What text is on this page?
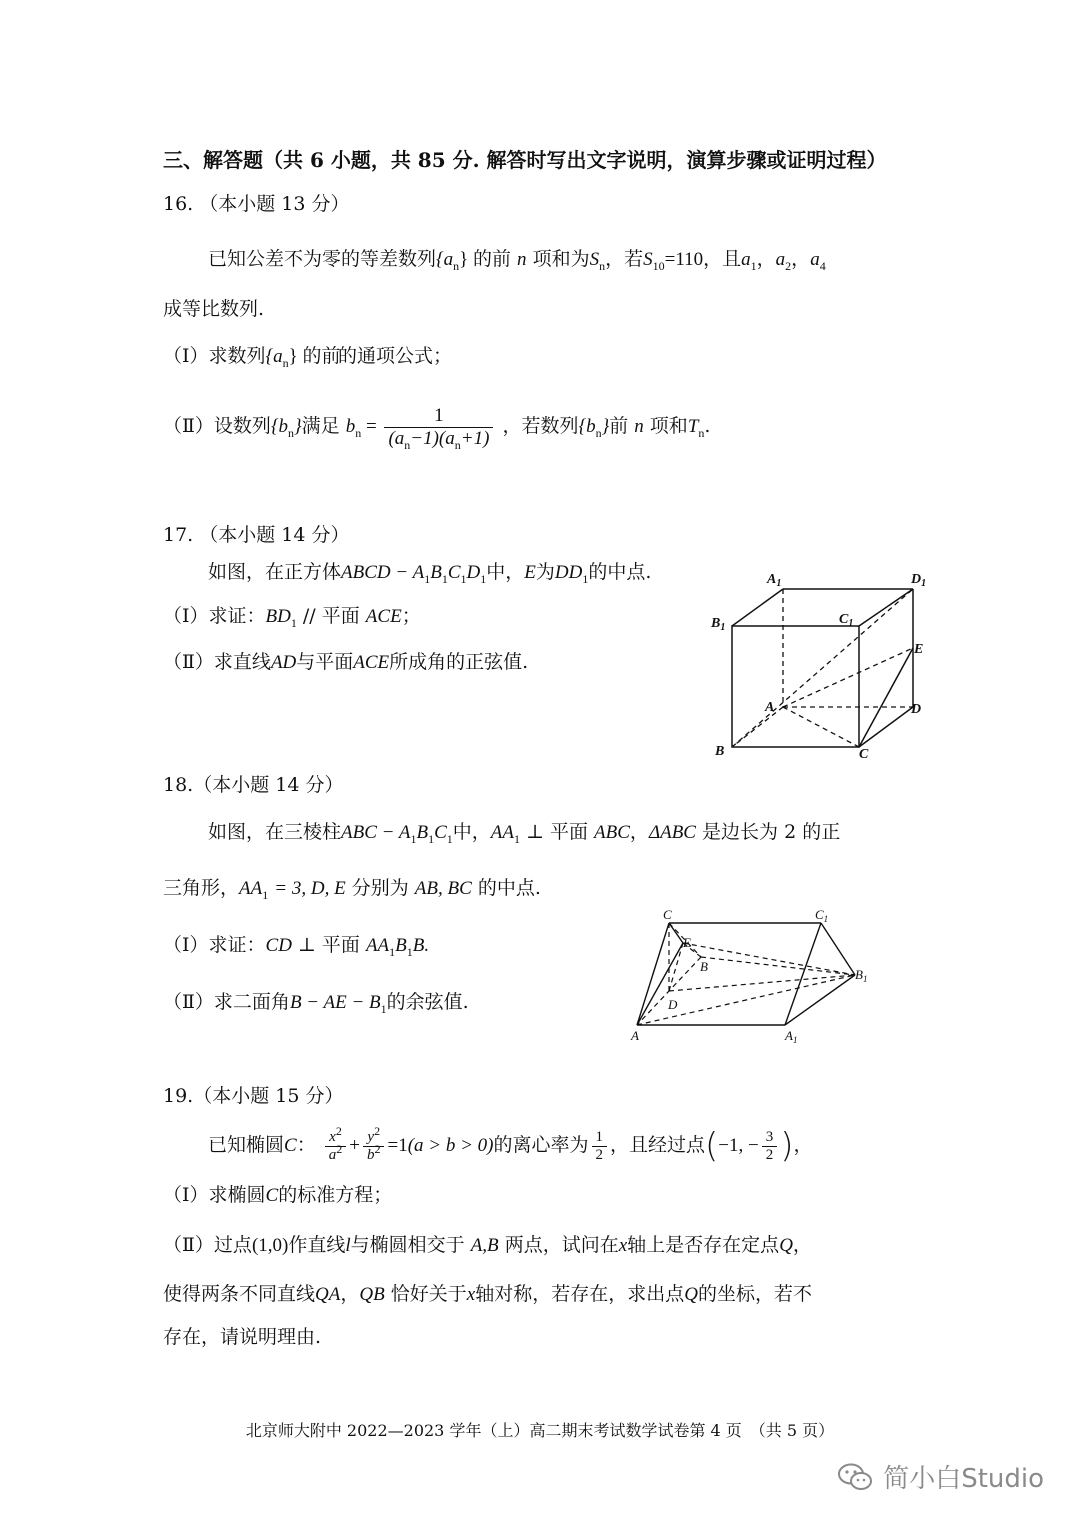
三、解答题（共 6 小题，共 85 分. 解答时写出文字说明，演算步骤或证明过程）
16. （本小题 13 分）
已知公差不为零的等差数列$\{a_n\}$ 的前 n 项和为$S_n$，若$S_{10}=110$，且$a_1$，$a_2$，$a_4$
成等比数列.
（Ⅰ）求数列$\{a_n\}$ 的前
的通项公式；
（Ⅱ）设数列$\{b_n\}$满足 $b_n = \frac{1}{(a_n-1)(a_n+1)}$ ，若数列$\{b_n\}$前 n 项和$T_n$.
17. （本小题 14 分）
如图，在正方体ABCD − $A_1B_1C_1D_1$中，E为$DD_1$的中点.
（Ⅰ）求证：$BD_1$ // 平面 ACE；
（Ⅱ）求直线AD与平面ACE所成角的正弦值.
$A_1$	$D_1$
$B_1$
$C_1$
E
A	D
B	C
18.（本小题 14 分）
如图，在三棱柱ABC − $A_1B_1C_1$中，$AA_1$ ⊥ 平面 ABC，ΔABC 是边长为 2 的正
三角形，$AA_1 = 3$, D, E 分别为 AB, BC 的中点.
（Ⅰ）求证：CD ⊥ 平面 $AA_1B_1B$.
（Ⅱ）求二面角B − AE − $B_1$的余弦值.
C	$C_1$
E
B
$B_1$
D
A	$A_1$
19.（本小题 15 分）
已知椭圆C： $\frac{x^2}{a^2} + \frac{y^2}{b^2} =1(a > b > 0)$的离心率为 $\frac{1}{2}$ ，且经过点(−1, − $\frac{3}{2}$ )，
（Ⅰ）求椭圆C的标准方程；
（Ⅱ）过点(1,0)作直线l与椭圆相交于 A,B 两点，试问在x轴上是否存在定点Q，
使得两条不同直线QA，QB 恰好关于x轴对称，若存在，求出点Q的坐标，若不
存在，请说明理由.
北京师大附中 2022—2023 学年（上）高二期末考试数学试卷第 4 页　（共 5 页）
简小白Studio
